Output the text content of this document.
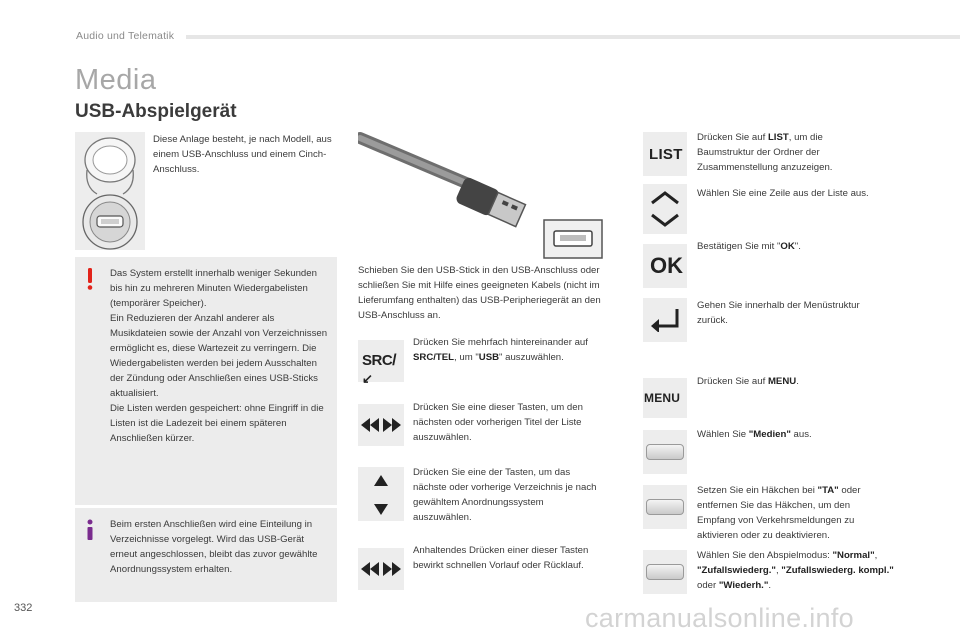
Audio und Telematik
Media
USB-Abspielgerät
Diese Anlage besteht, je nach Modell, aus einem USB-Anschluss und einem Cinch-Anschluss.
Schieben Sie den USB-Stick in den USB-Anschluss oder schließen Sie mit Hilfe eines geeigneten Kabels (nicht im Lieferumfang enthalten) das USB-Peripheriegerät an den USB-Anschluss an.
Das System erstellt innerhalb weniger Sekunden bis hin zu mehreren Minuten Wiedergabelisten (temporärer Speicher).
Ein Reduzieren der Anzahl anderer als Musikdateien sowie der Anzahl von Verzeichnissen ermöglicht es, diese Wartezeit zu verringern. Die Wiedergabelisten werden bei jedem Ausschalten der Zündung oder Anschließen eines USB-Sticks aktualisiert.
Die Listen werden gespeichert: ohne Eingriff in die Listen ist die Ladezeit bei einem späteren Anschließen kürzer.
Beim ersten Anschließen wird eine Einteilung in Verzeichnisse vorgelegt. Wird das USB-Gerät erneut angeschlossen, bleibt das zuvor gewählte Anordnungssystem erhalten.
SRC/↙
Drücken Sie mehrfach hintereinander auf SRC/TEL, um "USB" auszuwählen.
Drücken Sie eine dieser Tasten, um den nächsten oder vorherigen Titel der Liste auszuwählen.
Drücken Sie eine der Tasten, um das nächste oder vorherige Verzeichnis je nach gewähltem Anordnungssystem auszuwählen.
Anhaltendes Drücken einer dieser Tasten bewirkt schnellen Vorlauf oder Rücklauf.
LIST
Drücken Sie auf LIST, um die Baumstruktur der Ordner der Zusammenstellung anzuzeigen.
Wählen Sie eine Zeile aus der Liste aus.
OK
Bestätigen Sie mit "OK".
Gehen Sie innerhalb der Menüstruktur zurück.
MENU
Drücken Sie auf MENU.
Wählen Sie "Medien" aus.
Setzen Sie ein Häkchen bei "TA" oder entfernen Sie das Häkchen, um den Empfang von Verkehrsmeldungen zu aktivieren oder zu deaktivieren.
Wählen Sie den Abspielmodus: "Normal", "Zufallswiederg.", "Zufallswiederg. kompl." oder "Wiederh.".
332	carmanualsonline.info
